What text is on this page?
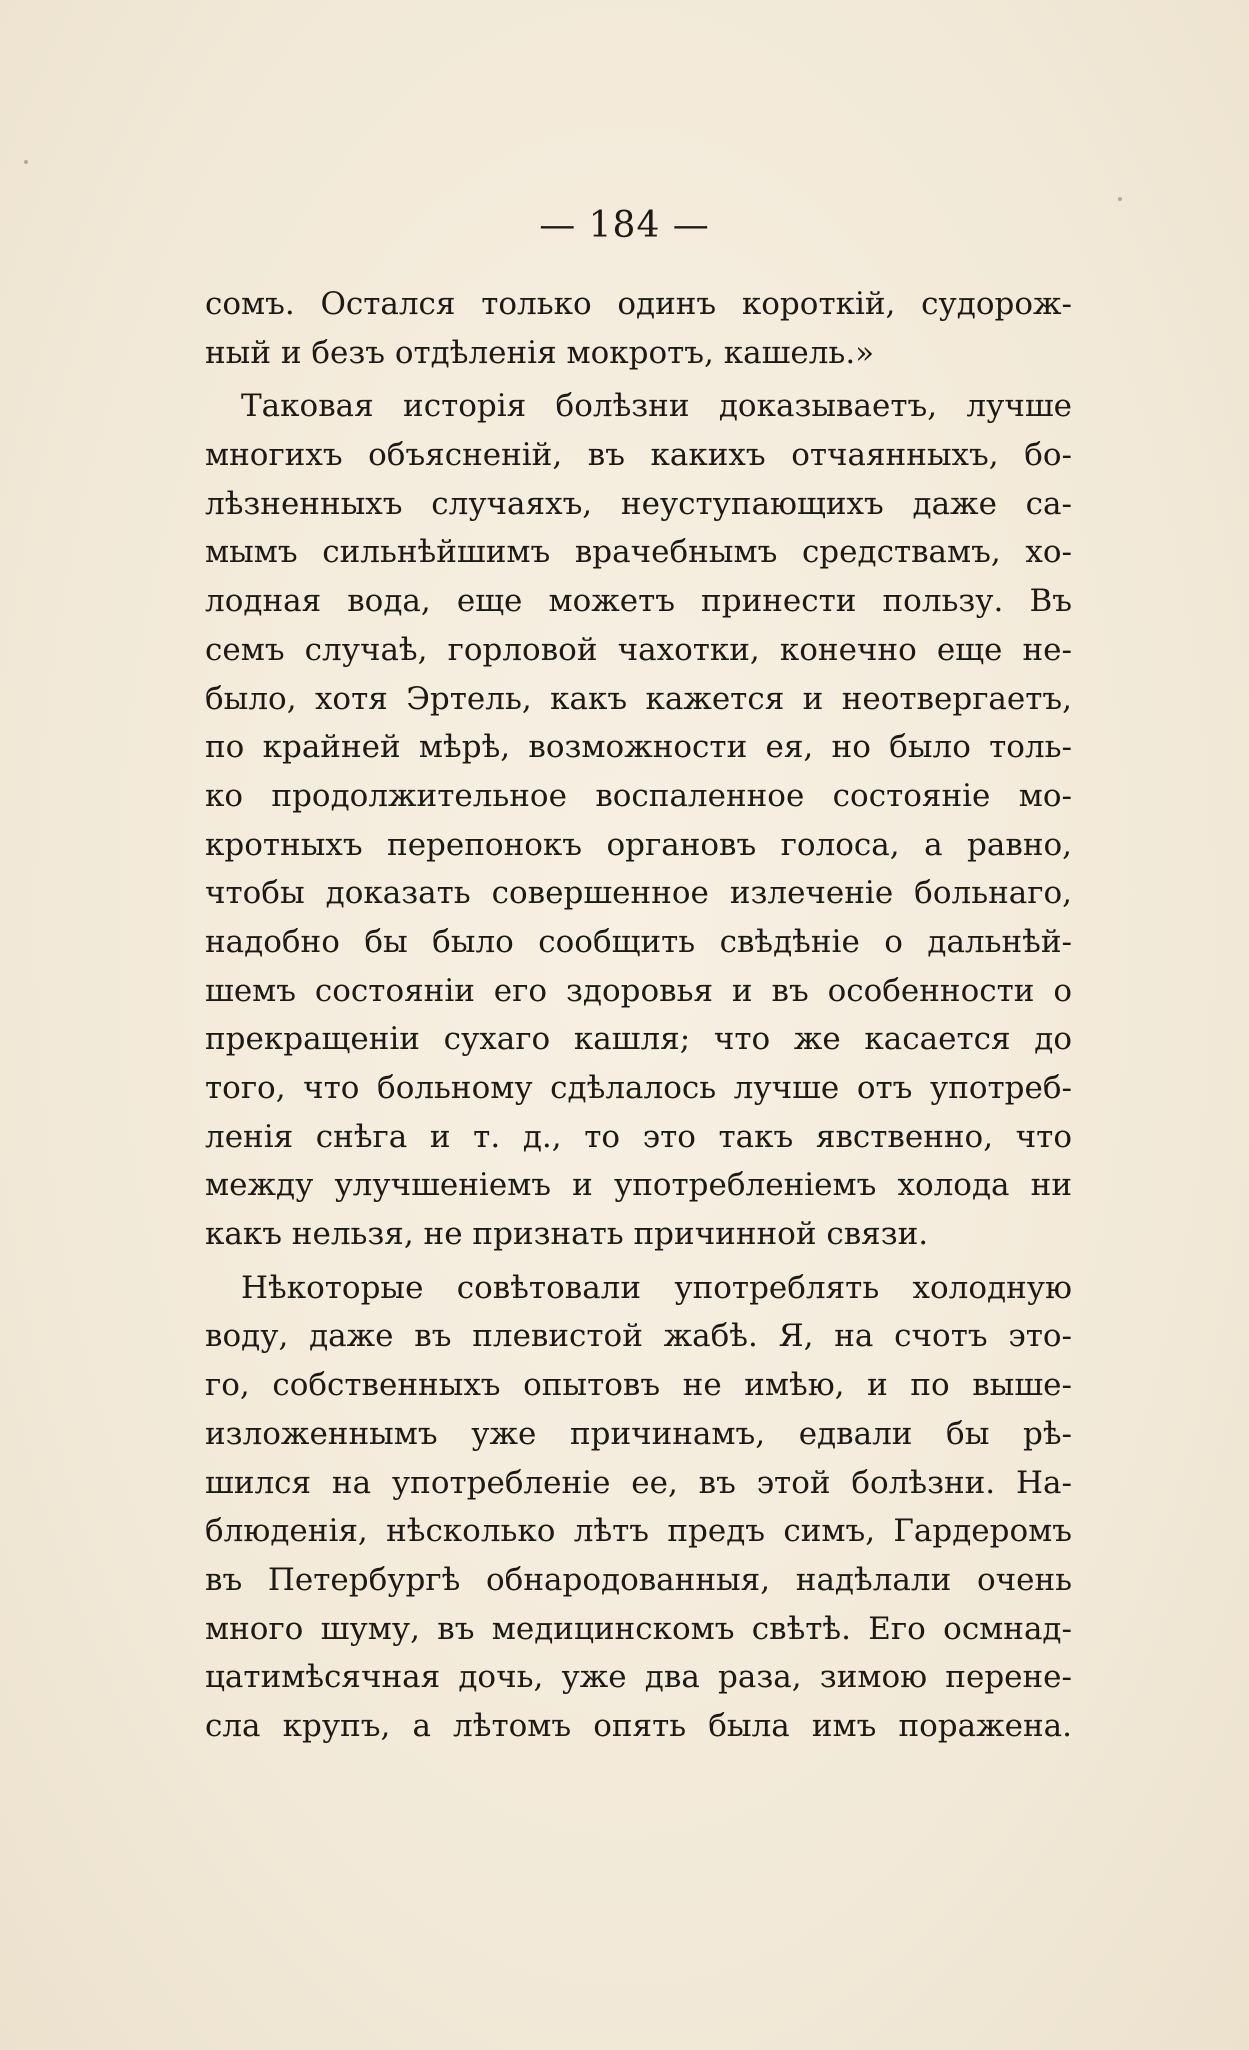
— 184 —
сомъ. Остался только одинъ короткій, судорож-
ный и безъ отдѣленія мокротъ, кашель.»
Таковая исторія болѣзни доказываетъ, лучше
многихъ объясненій, въ какихъ отчаянныхъ, бо-
лѣзненныхъ случаяхъ, неуступающихъ даже са-
мымъ сильнѣйшимъ врачебнымъ средствамъ, хо-
лодная вода, еще можетъ принести пользу. Въ
семъ случаѣ, горловой чахотки, конечно еще не-
было, хотя Эртель, какъ кажется и неотвергаетъ,
по крайней мѣрѣ, возможности ея, но было толь-
ко продолжительное воспаленное состояніе мо-
кротныхъ перепонокъ органовъ голоса, а равно,
чтобы доказать совершенное излеченіе больнаго,
надобно бы было сообщить свѣдѣніе о дальнѣй-
шемъ состояніи его здоровья и въ особенности о
прекращеніи сухаго кашля; что же касается до
того, что больному сдѣлалось лучше отъ употреб-
ленія снѣга и т. д., то это такъ явственно, что
между улучшеніемъ и употребленіемъ холода ни
какъ нельзя, не признать причинной связи.
Нѣкоторые совѣтовали употреблять холодную
воду, даже въ плевистой жабѣ. Я, на счотъ это-
го, собственныхъ опытовъ не имѣю, и по выше-
изложеннымъ уже причинамъ, едвали бы рѣ-
шился на употребленіе ее, въ этой болѣзни. На-
блюденія, нѣсколько лѣтъ предъ симъ, Гардеромъ
въ Петербургѣ обнародованныя, надѣлали очень
много шуму, въ медицинскомъ свѣтѣ. Его осмнад-
цатимѣсячная дочь, уже два раза, зимою перене-
сла крупъ, а лѣтомъ опять была имъ поражена.
